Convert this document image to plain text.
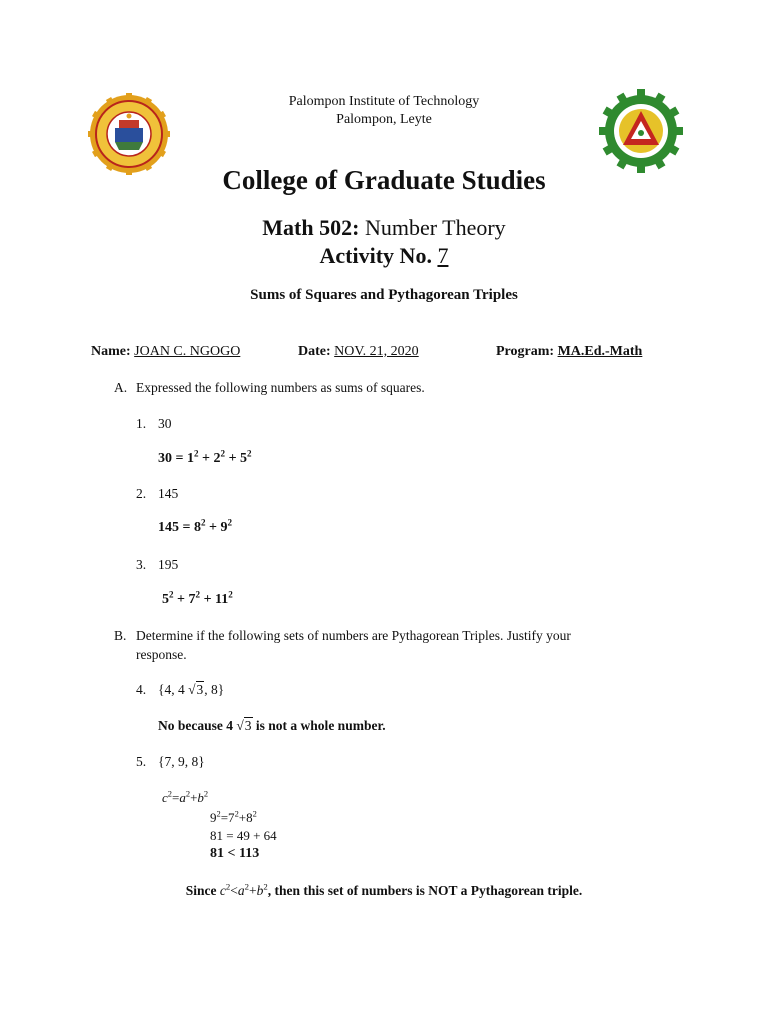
Palompon Institute of Technology
Palompon, Leyte
College of Graduate Studies
Math 502: Number Theory
Activity No. 7
Sums of Squares and Pythagorean Triples
Name: JOAN C. NGOGO	Date: NOV. 21, 2020	Program: MA.Ed.-Math
A. Expressed the following numbers as sums of squares.
1. 30
$30 = 1^2 + 2^2 + 5^2$
2. 145
$145 = 8^2 + 9^2$
3. 195
$5^2 + 7^2 + 11^2$
B. Determine if the following sets of numbers are Pythagorean Triples. Justify your
response.
4. {4, 4 √3, 8}
No because 4 √3 is not a whole number.
5. {7, 9, 8}
$c^2=a^2+b^2$
$9^2=7^2+8^2$
81 = 49 + 64
81 < 113
Since $c^2<a^2+b^2$, then this set of numbers is NOT a Pythagorean triple.
